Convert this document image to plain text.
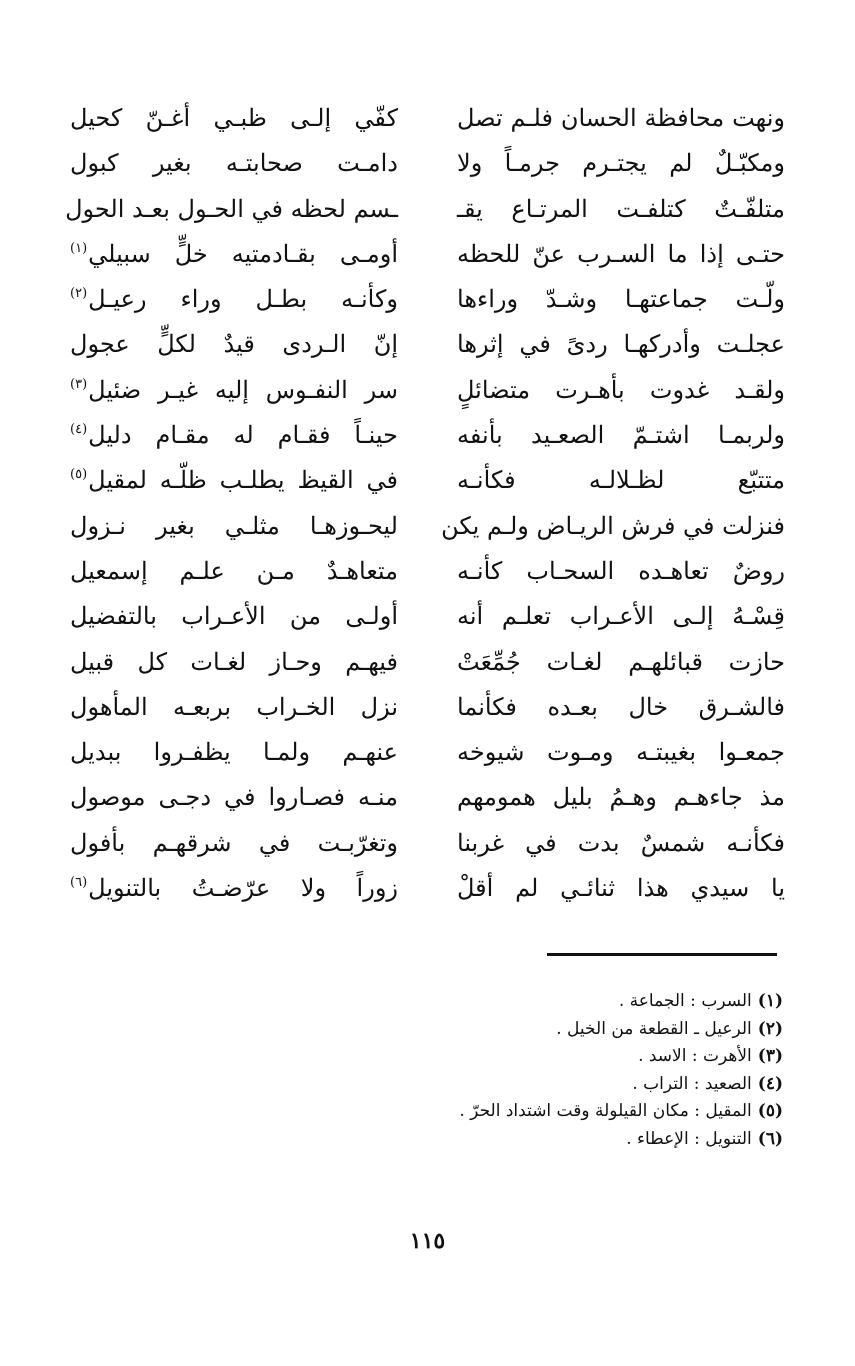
ونهت محافظة الحسان فلـم تصل
كفّي إلـى ظبـي أغـنّ كحيل
ومكبّـلٌ لم يجتـرم جرمـاً ولا
دامـت صحابتـه بغير كبول
متلفّـتٌ كتلفـت المرتـاع يقـ
ـسم لحظه في الحـول بعـد الحول
حتـى إذا ما السـرب عنّ للحظه
أومـى بقـادمتيه خلٍّ سبيلي$^{(١)}$
ولّـت جماعتهـا وشـدّ وراءها
وكأنـه بطـل وراء رعيـل$^{(٢)}$
عجلـت وأدركهـا ردىً في إثرها
إنّ الـردى قيدٌ لكلٍّ عجول
ولقـد غدوت بأهـرت متضائلٍ
سر النفـوس إليه غيـر ضئيل$^{(٣)}$
ولربمـا اشتـمّ الصعـيد بأنفه
حينـاً فقـام له مقـام دليل$^{(٤)}$
متتبّع لظـلالـه فكأنـه
في القيظ يطلـب ظلّـه لمقيل$^{(٥)}$
فنزلت في فرش الريـاض ولـم يكن
ليحـوزهـا مثلـي بغير نـزول
روضٌ تعاهـده السحـاب كأنـه
متعاهـدٌ مـن علـم إسمعيل
قِسْـهُ إلـى الأعـراب تعلـم أنه
أولـى من الأعـراب بالتفضيل
حازت قبائلهـم لغـات جُمِّعَتْ
فيهـم وحـاز لغـات كل قبيل
فالشـرق خال بعـده فكأنما
نزل الخـراب بربعـه المأهول
جمعـوا بغيبتـه ومـوت شيوخه
عنهـم ولمـا يظفـروا ببديل
مذ جاءهـم وهـمُ بليل همومهم
منـه فصـاروا في دجـى موصول
فكأنـه شمسٌ بدت في غربنا
وتغرّبـت في شرقهـم بأفول
يا سيدي هذا ثنائـي لم أقلْ
زوراً ولا عرّضـتُ بالتنويل$^{(٦)}$
(١)السرب : الجماعة .
(٢)الرعيل ـ القطعة من الخيل .
(٣)الأهرت : الاسد .
(٤)الصعيد : التراب .
(٥)المقيل : مكان القيلولة وقت اشتداد الحرّ .
(٦)التنويل : الإعطاء .
١١٥
